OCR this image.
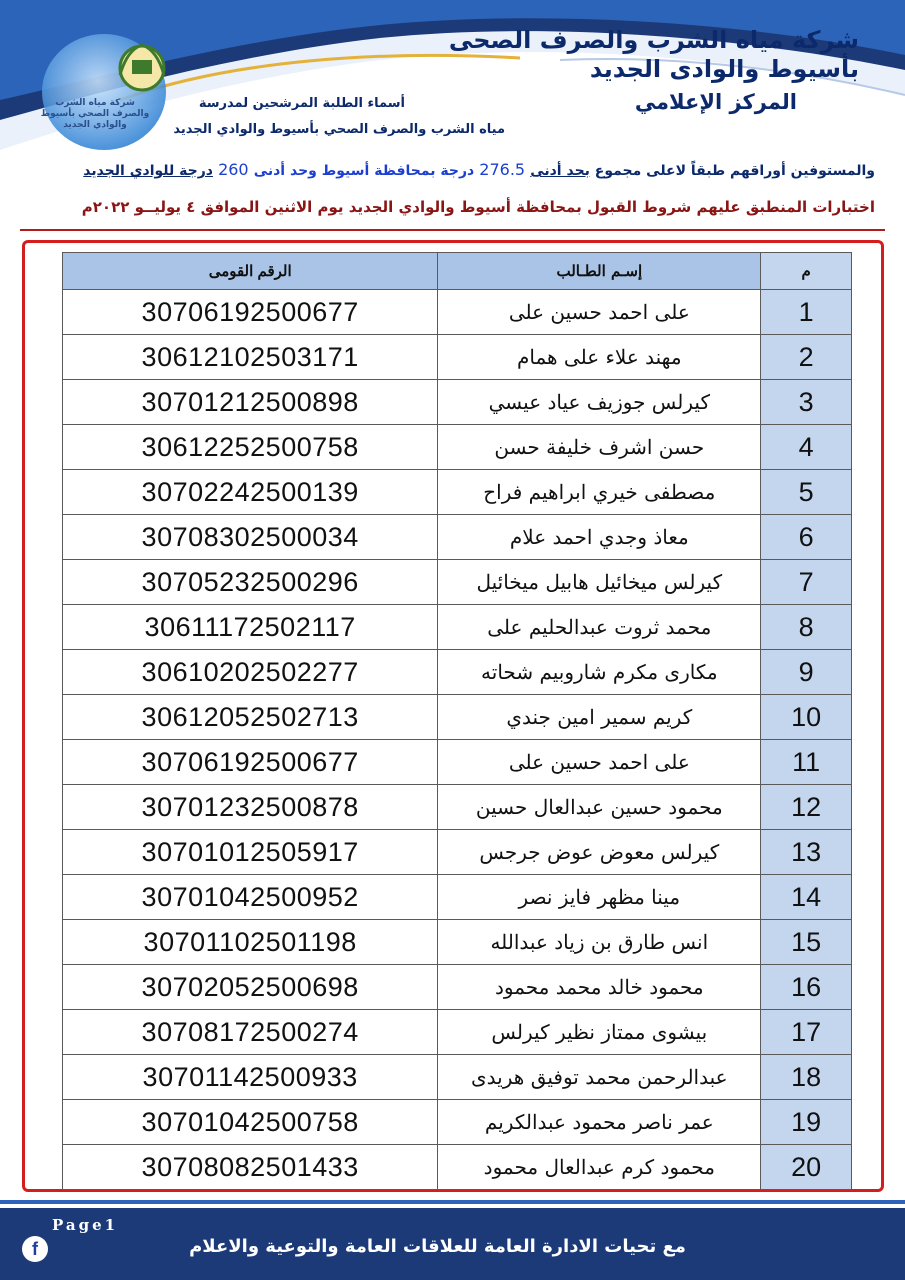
شركة مياه الشرب والصرف الصحي بأسيوط والوادي الجديد
شركة مياه الشرب والصرف الصحى
بأسيوط والوادى الجديد
المركز الإعلامي
أسماء الطلبة المرشحين لمدرسة
مياه الشرب والصرف الصحي بأسيوط والوادي الجديد
والمستوفين أوراقهم طبقاً لاعلى مجموع بحد أدنى 276.5 درجة بمحافظة أسيوط وحد أدنى 260 درجة للوادي الجديد
اختبارات المنطبق عليهم شروط القبول بمحافظة أسيوط والوادي الجديد يوم الاثنين الموافق ٤ يوليــو ٢٠٢٢م
م	إسـم الطـالب	الرقم القومى
1	على احمد حسين على	30706192500677
2	مهند علاء على همام	30612102503171
3	كيرلس جوزيف عياد عيسي	30701212500898
4	حسن اشرف خليفة حسن	30612252500758
5	مصطفى خيري ابراهيم فراح	30702242500139
6	معاذ وجدي احمد علام	30708302500034
7	كيرلس ميخائيل هابيل ميخائيل	30705232500296
8	محمد ثروت عبدالحليم على	30611172502117
9	مكارى مكرم شاروبيم شحاته	30610202502277
10	كريم سمير امين جندي	30612052502713
11	على احمد حسين على	30706192500677
12	محمود حسين عبدالعال حسين	30701232500878
13	كيرلس معوض عوض جرجس	30701012505917
14	مينا مظهر فايز نصر	30701042500952
15	انس طارق بن زياد عبدالله	30701102501198
16	محمود خالد محمد محمود	30702052500698
17	بيشوى ممتاز نظير كيرلس	30708172500274
18	عبدالرحمن محمد توفيق هريدى	30701142500933
19	عمر ناصر محمود عبدالكريم	30701042500758
20	محمود كرم عبدالعال محمود	30708082501433
Page1
f	مع تحيات الادارة العامة للعلاقات العامة والتوعية والاعلام
